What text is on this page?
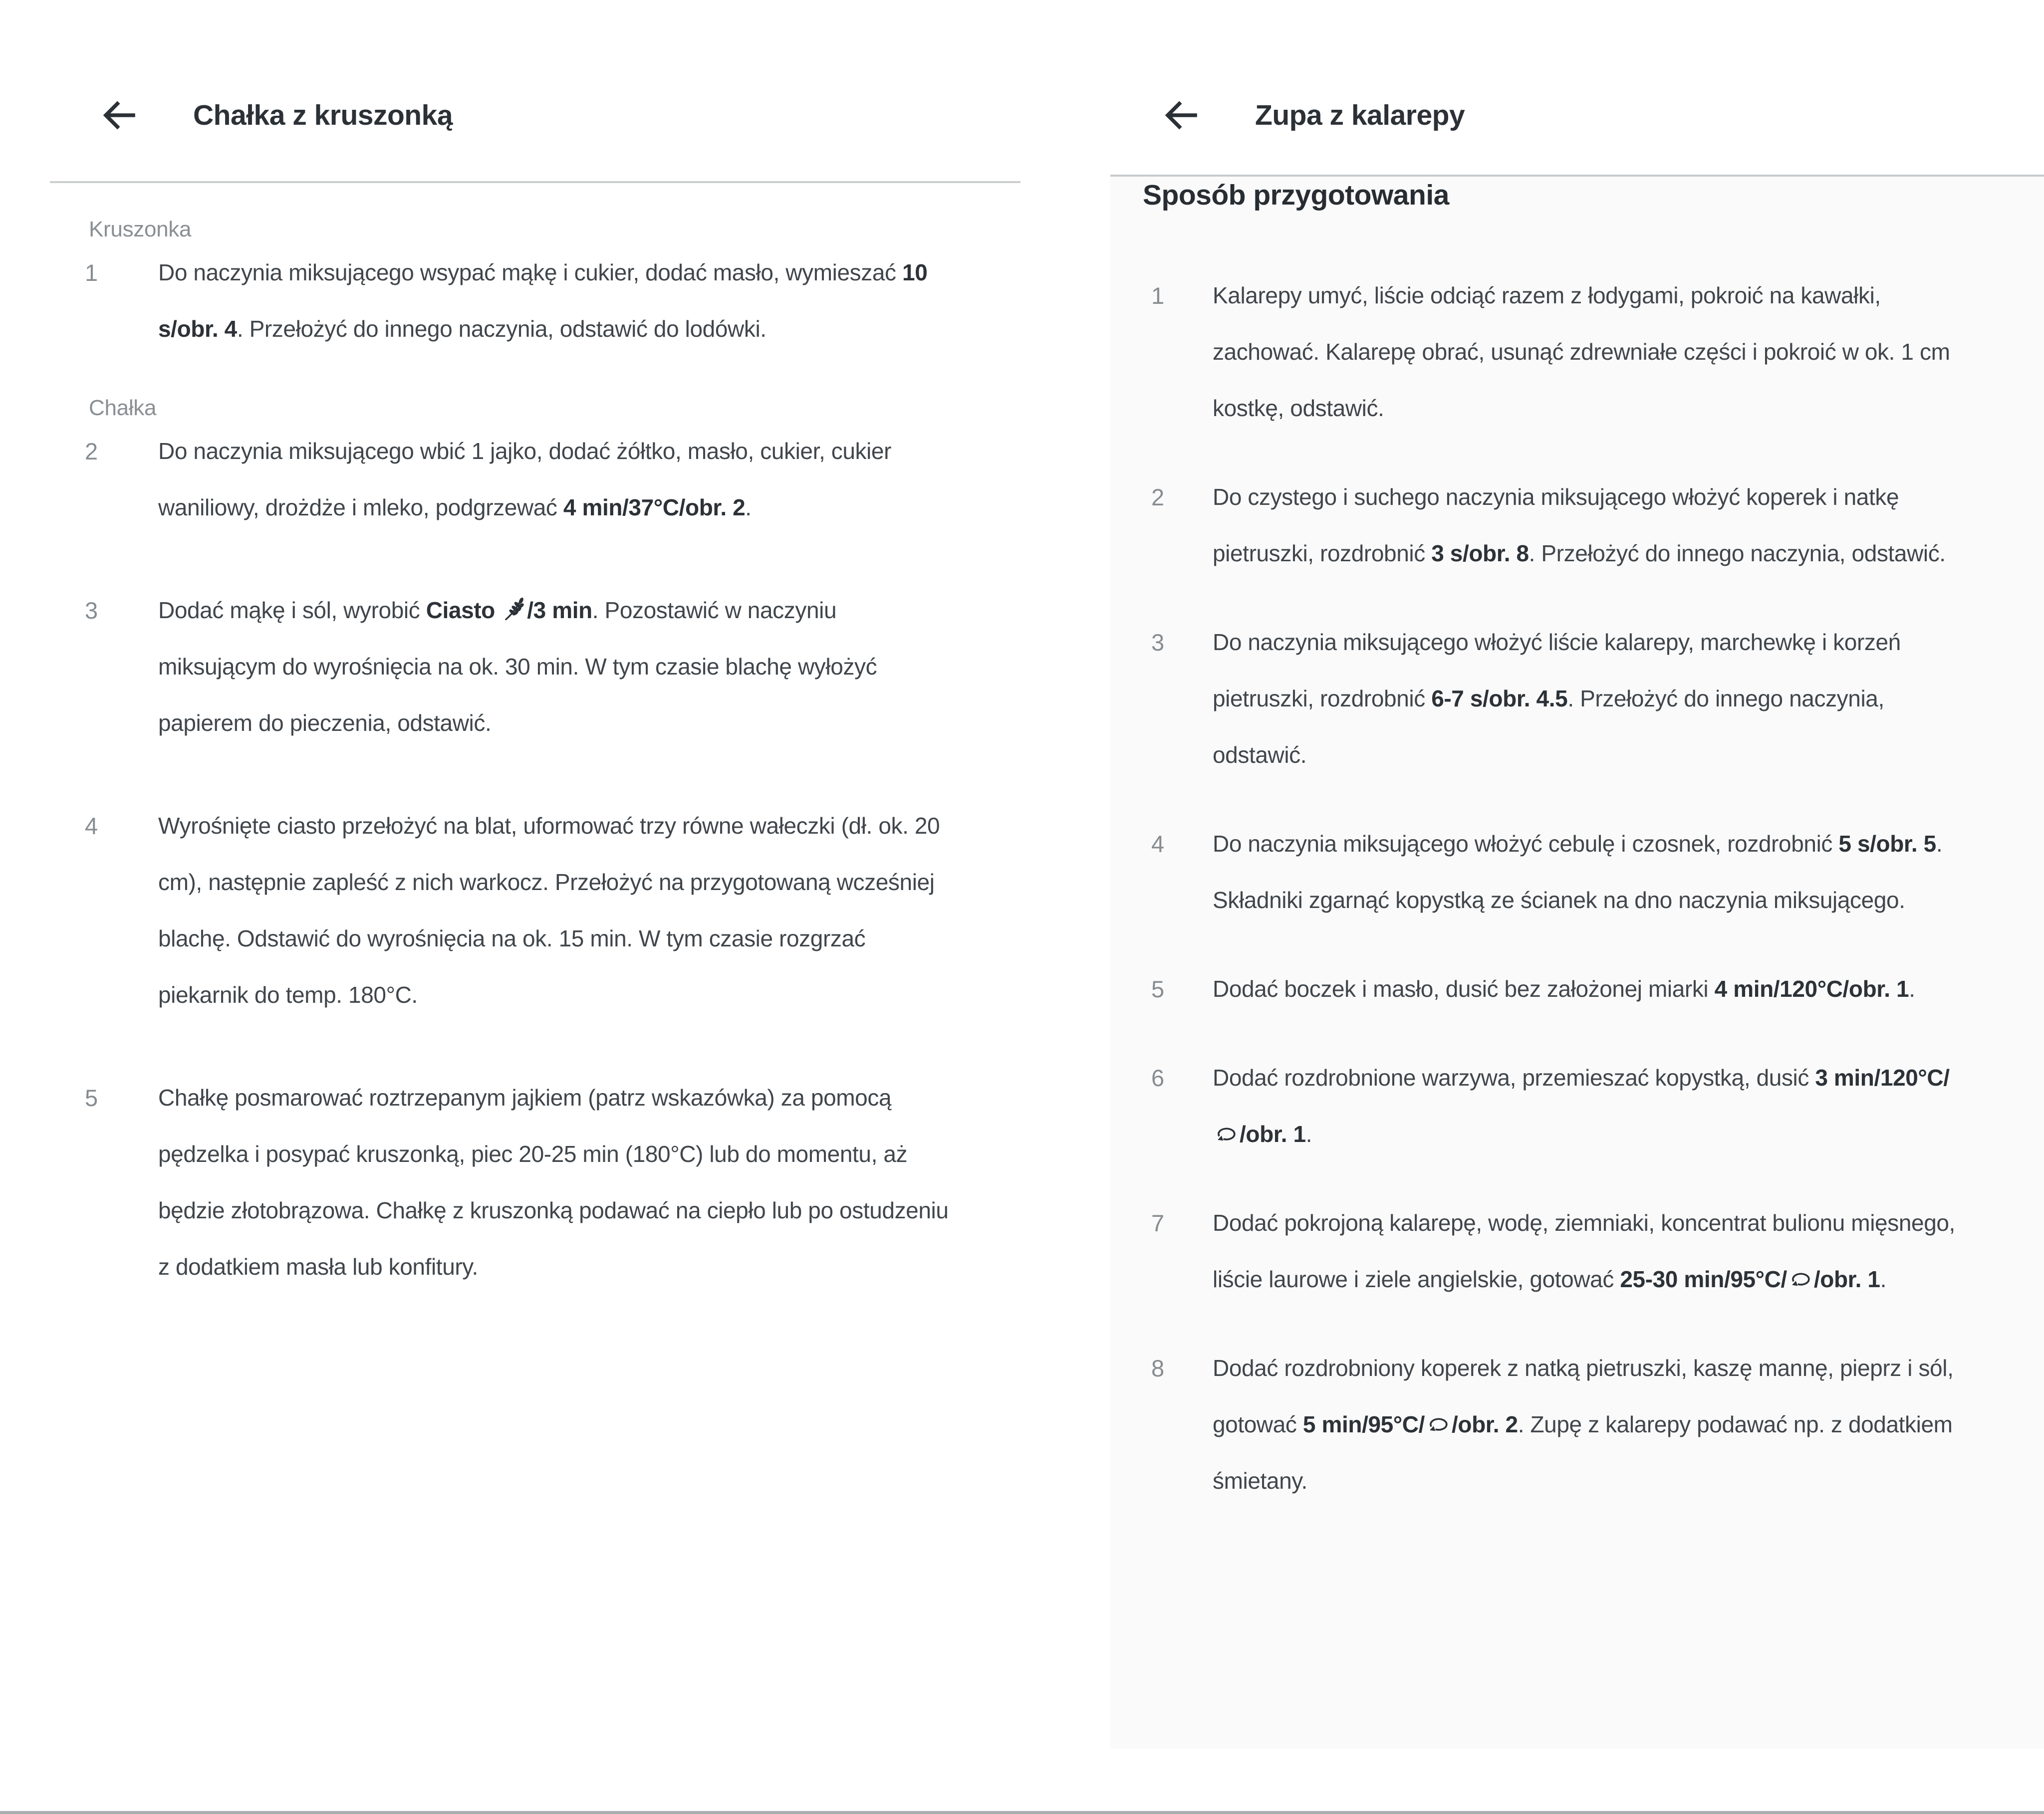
Chałka z kruszonką
Kruszonka
1	Do naczynia miksującego wsypać mąkę i cukier, dodać masło, wymieszać 10 s/obr. 4. Przełożyć do innego naczynia, odstawić do lodówki.
Chałka
2	Do naczynia miksującego wbić 1 jajko, dodać żółtko, masło, cukier, cukier waniliowy, drożdże i mleko, podgrzewać 4 min/37°C/obr. 2.
3	Dodać mąkę i sól, wyrobić Ciasto /3 min. Pozostawić w naczyniu miksującym do wyrośnięcia na ok. 30 min. W tym czasie blachę wyłożyć papierem do pieczenia, odstawić.
4	Wyrośnięte ciasto przełożyć na blat, uformować trzy równe wałeczki (dł. ok. 20 cm), następnie zapleść z nich warkocz. Przełożyć na przygotowaną wcześniej blachę. Odstawić do wyrośnięcia na ok. 15 min. W tym czasie rozgrzać piekarnik do temp. 180°C.
5	Chałkę posmarować roztrzepanym jajkiem (patrz wskazówka) za pomocą pędzelka i posypać kruszonką, piec 20-25 min (180°C) lub do momentu, aż będzie złotobrązowa. Chałkę z kruszonką podawać na ciepło lub po ostudzeniu z dodatkiem masła lub konfitury.
Zupa z kalarepy
Sposób przygotowania
1	Kalarepy umyć, liście odciąć razem z łodygami, pokroić na kawałki, zachować. Kalarepę obrać, usunąć zdrewniałe części i pokroić w ok. 1 cm kostkę, odstawić.
2	Do czystego i suchego naczynia miksującego włożyć koperek i natkę pietruszki, rozdrobnić 3 s/obr. 8. Przełożyć do innego naczynia, odstawić.
3	Do naczynia miksującego włożyć liście kalarepy, marchewkę i korzeń pietruszki, rozdrobnić 6-7 s/obr. 4.5. Przełożyć do innego naczynia, odstawić.
4	Do naczynia miksującego włożyć cebulę i czosnek, rozdrobnić 5 s/obr. 5. Składniki zgarnąć kopystką ze ścianek na dno naczynia miksującego.
5	Dodać boczek i masło, dusić bez założonej miarki 4 min/120°C/obr. 1.
6	Dodać rozdrobnione warzywa, przemieszać kopystką, dusić 3 min/120°C//obr. 1.
7	Dodać pokrojoną kalarepę, wodę, ziemniaki, koncentrat bulionu mięsnego, liście laurowe i ziele angielskie, gotować 25-30 min/95°C/ /obr. 1.
8	Dodać rozdrobniony koperek z natką pietruszki, kaszę mannę, pieprz i sól, gotować 5 min/95°C/ /obr. 2. Zupę z kalarepy podawać np. z dodatkiem śmietany.
